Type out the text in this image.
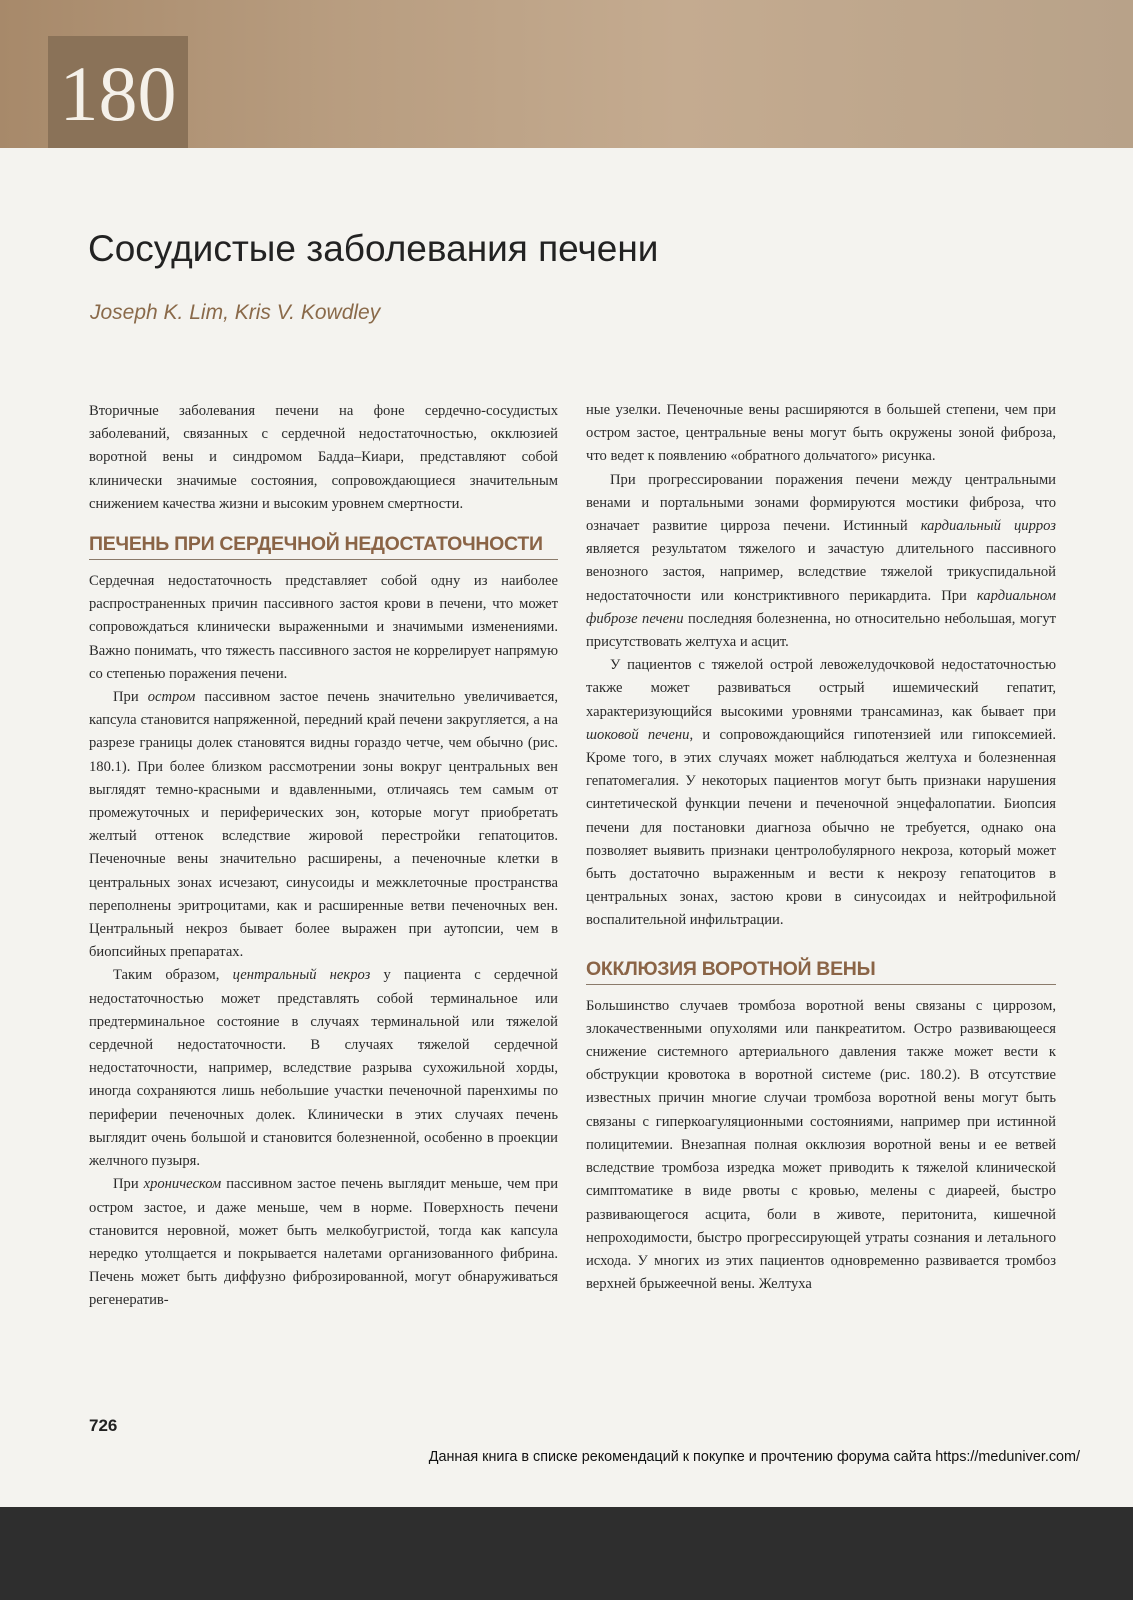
180
Сосудистые заболевания печени

Joseph K. Lim, Kris V. Kowdley

Вторичные заболевания печени на фоне сердечно-сосудистых заболеваний, связанных с сердечной недостаточностью, окклюзией воротной вены и синдромом Бадда–Киари, представляют собой клинически значимые состояния, сопровождающиеся значительным снижением качества жизни и высоким уровнем смертности.

ПЕЧЕНЬ ПРИ СЕРДЕЧНОЙ НЕДОСТАТОЧНОСТИ

Сердечная недостаточность представляет собой одну из наиболее распространенных причин пассивного застоя крови в печени, что может сопровождаться клинически выраженными и значимыми изменениями. Важно понимать, что тяжесть пассивного застоя не коррелирует напрямую со степенью поражения печени.

При остром пассивном застое печень значительно увеличивается, капсула становится напряженной, передний край печени закругляется, а на разрезе границы долек становятся видны гораздо четче, чем обычно (рис. 180.1). При более близком рассмотрении зоны вокруг центральных вен выглядят темно-красными и вдавленными, отличаясь тем самым от промежуточных и периферических зон, которые могут приобретать желтый оттенок вследствие жировой перестройки гепатоцитов. Печеночные вены значительно расширены, а печеночные клетки в центральных зонах исчезают, синусоиды и межклеточные пространства переполнены эритроцитами, как и расширенные ветви печеночных вен. Центральный некроз бывает более выражен при аутопсии, чем в биопсийных препаратах.

Таким образом, центральный некроз у пациента с сердечной недостаточностью может представлять собой терминальное или предтерминальное состояние в случаях терминальной или тяжелой сердечной недостаточности. В случаях тяжелой сердечной недостаточности, например, вследствие разрыва сухожильной хорды, иногда сохраняются лишь небольшие участки печеночной паренхимы по периферии печеночных долек. Клинически в этих случаях печень выглядит очень большой и становится болезненной, особенно в проекции желчного пузыря.

При хроническом пассивном застое печень выглядит меньше, чем при остром застое, и даже меньше, чем в норме. Поверхность печени становится неровной, может быть мелкобугристой, тогда как капсула нередко утолщается и покрывается налетами организованного фибрина. Печень может быть диффузно фиброзированной, могут обнаруживаться регенератив-

ные узелки. Печеночные вены расширяются в большей степени, чем при остром застое, центральные вены могут быть окружены зоной фиброза, что ведет к появлению «обратного дольчатого» рисунка.

При прогрессировании поражения печени между центральными венами и портальными зонами формируются мостики фиброза, что означает развитие цирроза печени. Истинный кардиальный цирроз является результатом тяжелого и зачастую длительного пассивного венозного застоя, например, вследствие тяжелой трикуспидальной недостаточности или констриктивного перикардита. При кардиальном фиброзе печени последняя болезненна, но относительно небольшая, могут присутствовать желтуха и асцит.

У пациентов с тяжелой острой левожелудочковой недостаточностью также может развиваться острый ишемический гепатит, характеризующийся высокими уровнями трансаминаз, как бывает при шоковой печени, и сопровождающийся гипотензией или гипоксемией. Кроме того, в этих случаях может наблюдаться желтуха и болезненная гепатомегалия. У некоторых пациентов могут быть признаки нарушения синтетической функции печени и печеночной энцефалопатии. Биопсия печени для постановки диагноза обычно не требуется, однако она позволяет выявить признаки центролобулярного некроза, который может быть достаточно выраженным и вести к некрозу гепатоцитов в центральных зонах, застою крови в синусоидах и нейтрофильной воспалительной инфильтрации.

ОККЛЮЗИЯ ВОРОТНОЙ ВЕНЫ

Большинство случаев тромбоза воротной вены связаны с циррозом, злокачественными опухолями или панкреатитом. Остро развивающееся снижение системного артериального давления также может вести к обструкции кровотока в воротной системе (рис. 180.2). В отсутствие известных причин многие случаи тромбоза воротной вены могут быть связаны с гиперкоагуляционными состояниями, например при истинной полицитемии. Внезапная полная окклюзия воротной вены и ее ветвей вследствие тромбоза изредка может приводить к тяжелой клинической симптоматике в виде рвоты с кровью, мелены с диареей, быстро развивающегося асцита, боли в животе, перитонита, кишечной непроходимости, быстро прогрессирующей утраты сознания и летального исхода. У многих из этих пациентов одновременно развивается тромбоз верхней брыжеечной вены. Желтуха

726
Данная книга в списке рекомендаций к покупке и прочтению форума сайта https://meduniver.com/
